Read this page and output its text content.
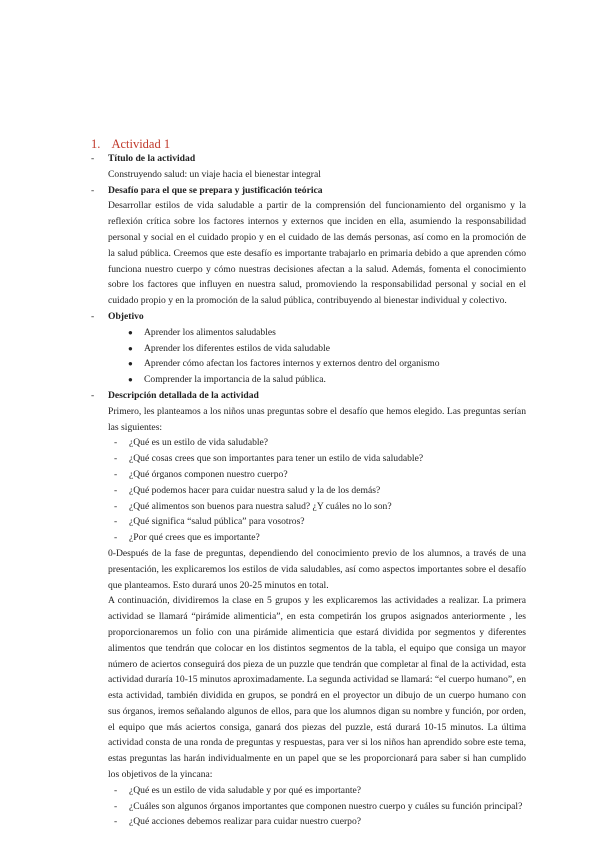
1. Actividad 1
- Título de la actividad
Construyendo salud: un viaje hacia el bienestar integral
- Desafío para el que se prepara y justificación teórica
Desarrollar estilos de vida saludable a partir de la comprensión del funcionamiento del organismo y la reflexión crítica sobre los factores internos y externos que inciden en ella, asumiendo la responsabilidad personal y social en el cuidado propio y en el cuidado de las demás personas, así como en la promoción de la salud pública. Creemos que este desafío es importante trabajarlo en primaria debido a que aprenden cómo funciona nuestro cuerpo y cómo nuestras decisiones afectan a la salud. Además, fomenta el conocimiento sobre los factores que influyen en nuestra salud, promoviendo la responsabilidad personal y social en el cuidado propio y en la promoción de la salud pública, contribuyendo al bienestar individual y colectivo.
- Objetivo
● Aprender los alimentos saludables
● Aprender los diferentes estilos de vida saludable
● Aprender cómo afectan los factores internos y externos dentro del organismo
● Comprender la importancia de la salud pública.
- Descripción detallada de la actividad
Primero, les planteamos a los niños unas preguntas sobre el desafío que hemos elegido. Las preguntas serían las siguientes:
- ¿Qué es un estilo de vida saludable?
- ¿Qué cosas crees que son importantes para tener un estilo de vida saludable?
- ¿Qué órganos componen nuestro cuerpo?
- ¿Qué podemos hacer para cuidar nuestra salud y la de los demás?
- ¿Qué alimentos son buenos para nuestra salud? ¿Y cuáles no lo son?
- ¿Qué significa “salud pública” para vosotros?
- ¿Por qué crees que es importante?
0-Después de la fase de preguntas, dependiendo del conocimiento previo de los alumnos, a través de una presentación, les explicaremos los estilos de vida saludables, así como aspectos importantes sobre el desafío que planteamos. Esto durará unos 20-25 minutos en total.
A continuación, dividiremos la clase en 5 grupos y les explicaremos las actividades a realizar. La primera actividad se llamará “pirámide alimenticia”, en esta competirán los grupos asignados anteriormente , les proporcionaremos un folio con una pirámide alimenticia que estará dividida por segmentos y diferentes alimentos que tendrán que colocar en los distintos segmentos de la tabla, el equipo que consiga un mayor número de aciertos conseguirá dos pieza de un puzzle que tendrán que completar al final de la actividad, esta actividad duraría 10-15 minutos aproximadamente. La segunda actividad se llamará: “el cuerpo humano”, en esta actividad, también dividida en grupos, se pondrá en el proyector un dibujo de un cuerpo humano con sus órganos, iremos señalando algunos de ellos, para que los alumnos digan su nombre y función, por orden, el equipo que más aciertos consiga, ganará dos piezas del puzzle, está durará 10-15 minutos. La última actividad consta de una ronda de preguntas y respuestas, para ver si los niños han aprendido sobre este tema, estas preguntas las harán individualmente en un papel que se les proporcionará para saber si han cumplido los objetivos de la yincana:
- ¿Qué es un estilo de vida saludable y por qué es importante?
- ¿Cuáles son algunos órganos importantes que componen nuestro cuerpo y cuáles su función principal?
- ¿Qué acciones debemos realizar para cuidar nuestro cuerpo?
